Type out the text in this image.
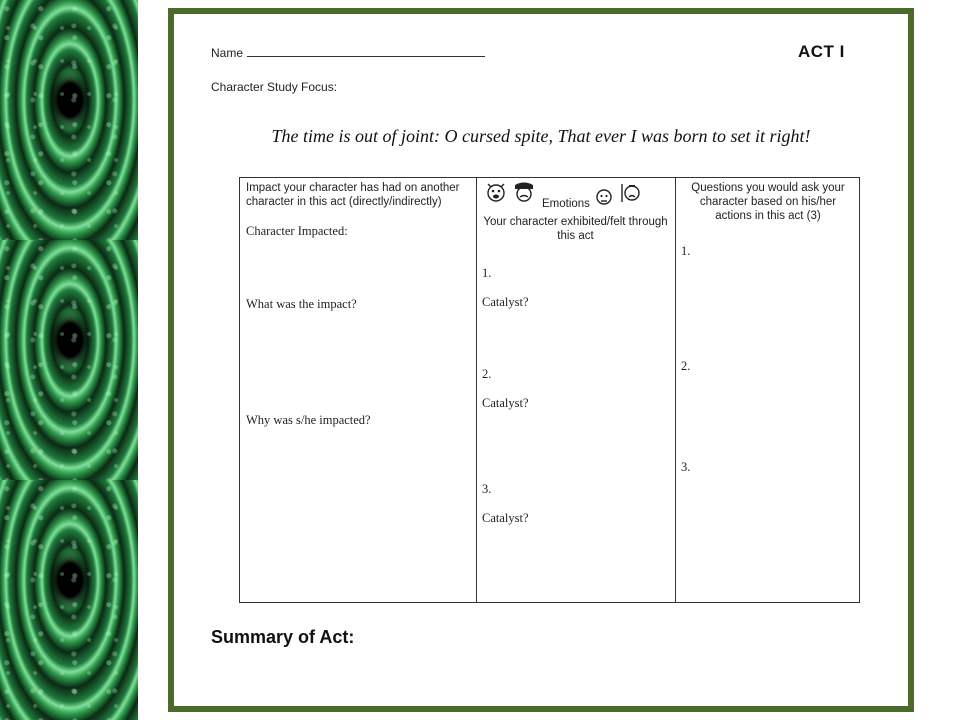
Name	ACT I
Character Study Focus:
The time is out of joint: O cursed spite, That ever I was born to set it right!
Impact your character has had on another character in this act (directly/indirectly)
Character Impacted:
What was the impact?
Why was s/he impacted?
Emotions
Your character exhibited/felt through this act
1.
Catalyst?
2.
Catalyst?
3.
Catalyst?
Questions you would ask your character based on his/her actions in this act (3)
1.
2.
3.
Summary of Act:
